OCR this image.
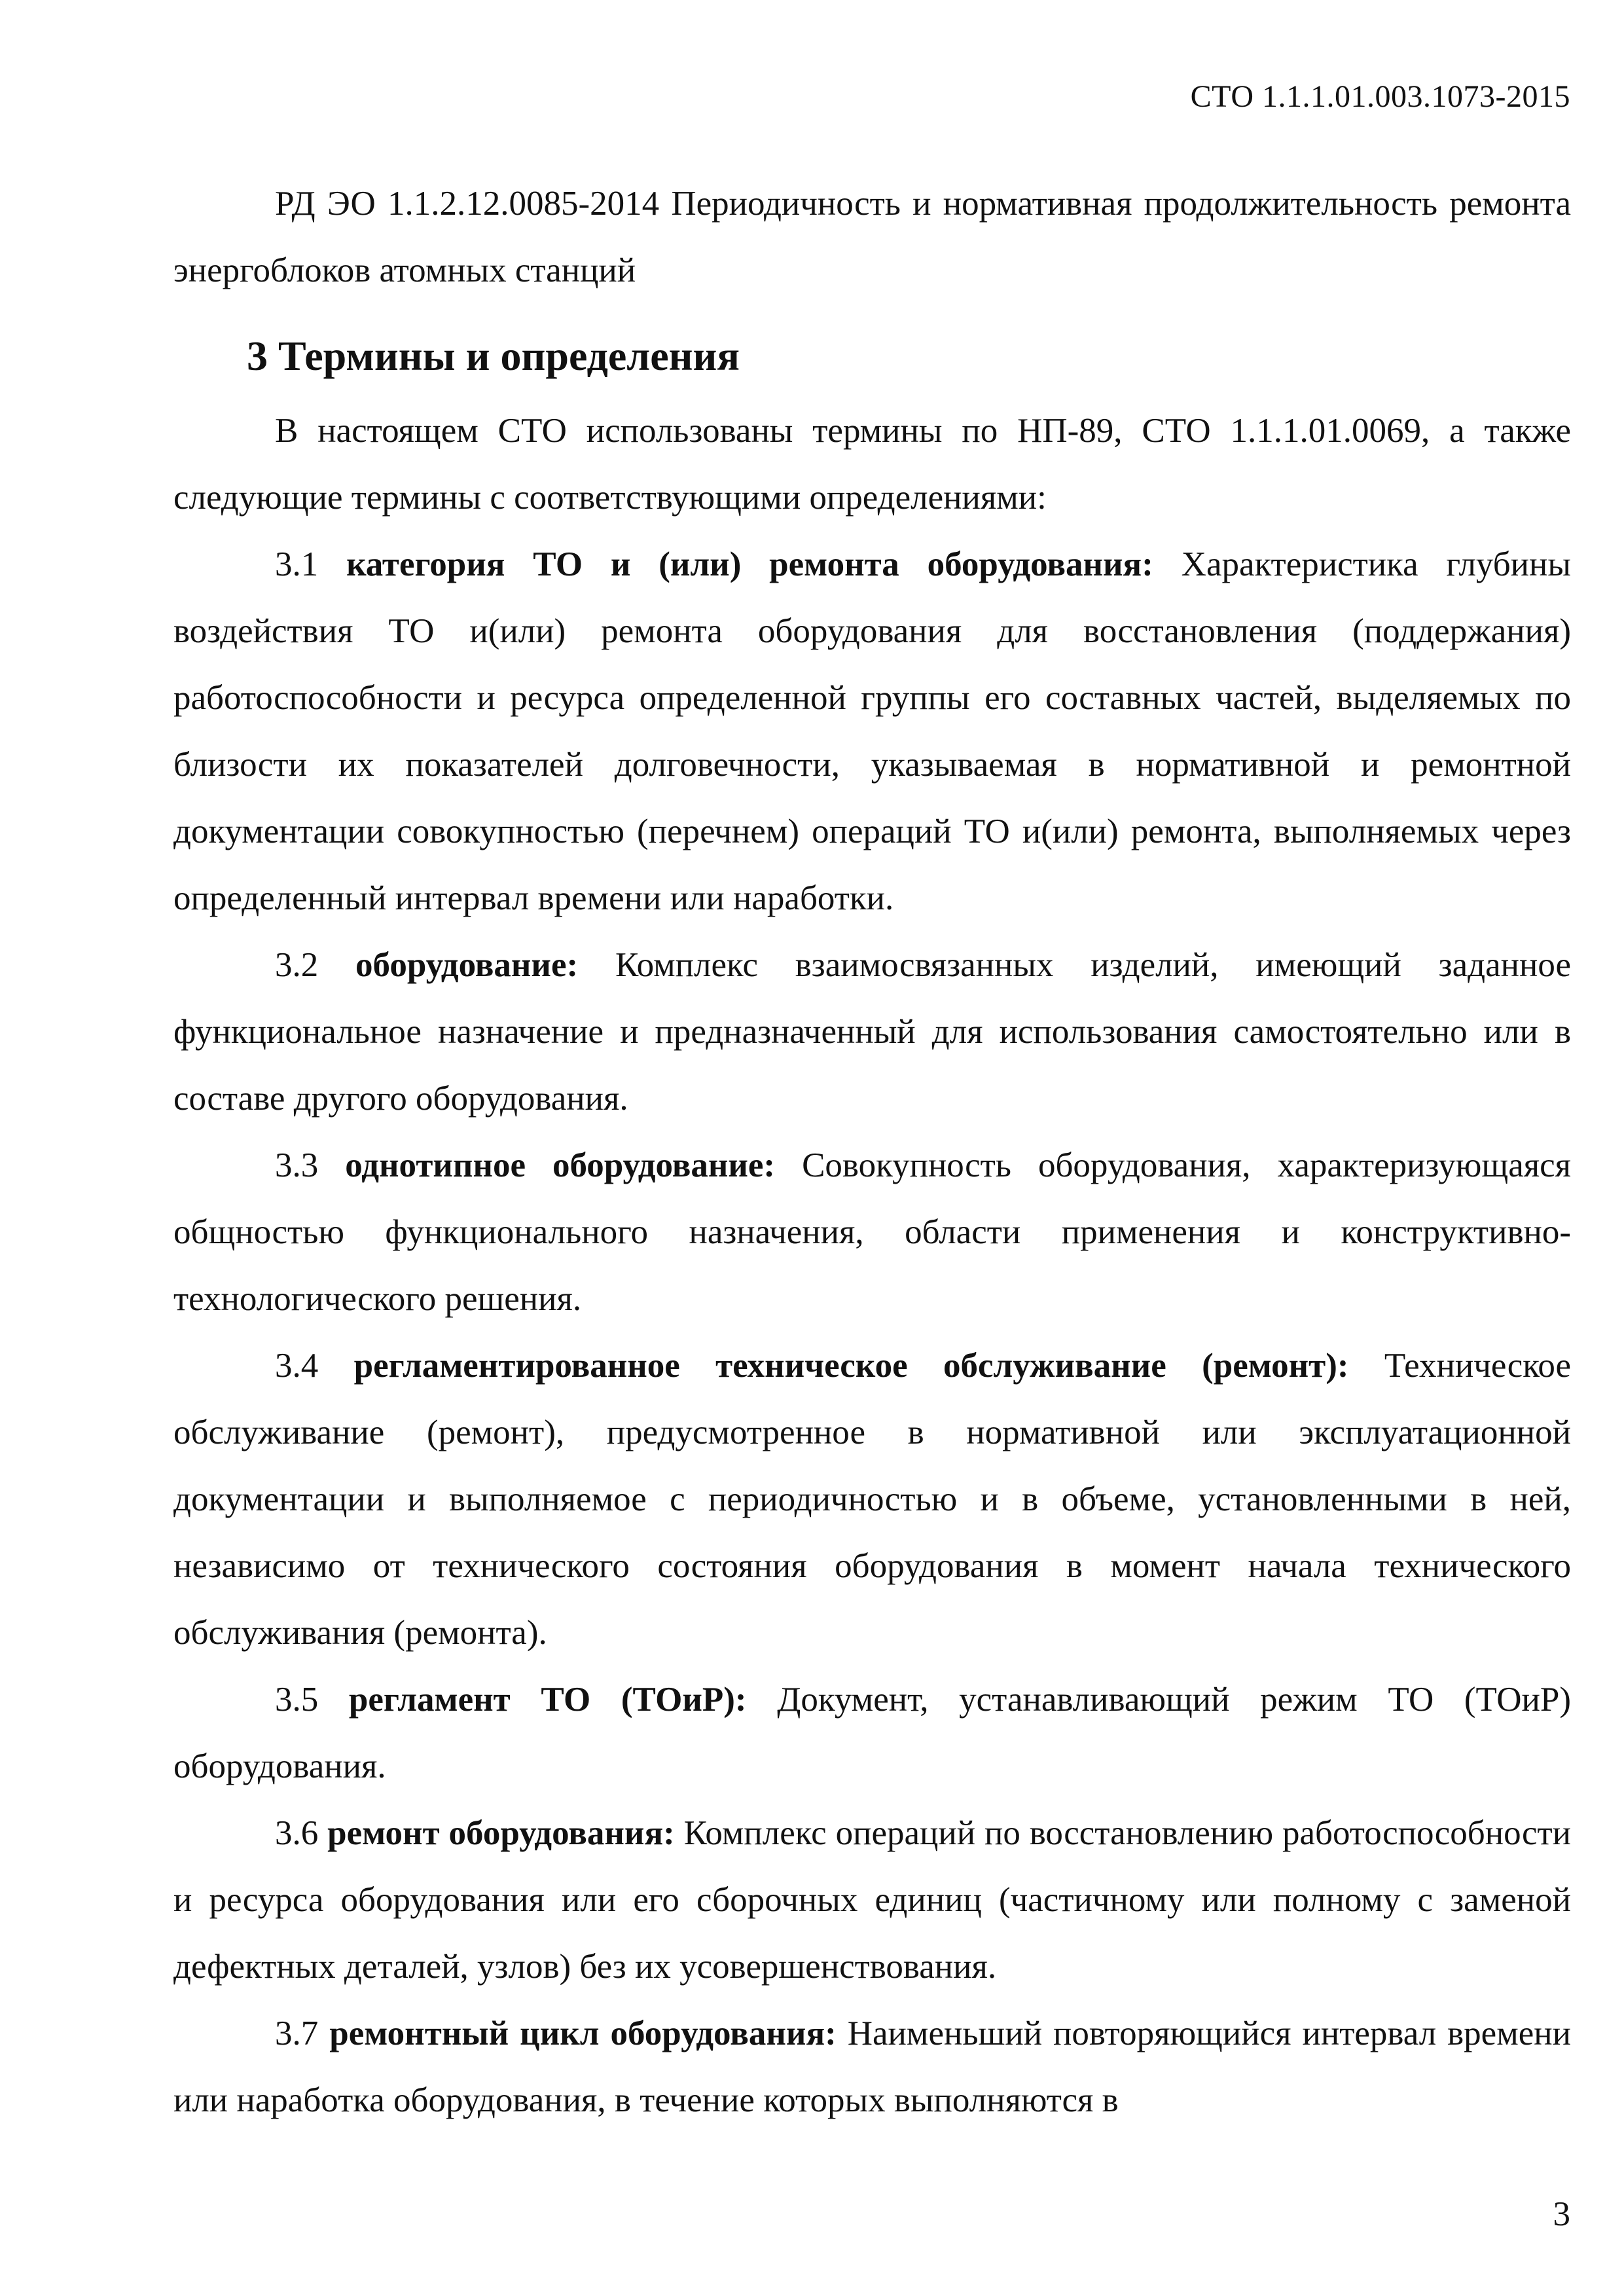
СТО 1.1.1.01.003.1073-2015

РД ЭО 1.1.2.12.0085-2014 Периодичность и нормативная продолжительность ремонта энергоблоков атомных станций

3 Термины и определения

В настоящем СТО использованы термины по НП-89, СТО 1.1.1.01.0069, а также следующие термины с соответствующими определениями:

3.1 категория ТО и (или) ремонта оборудования: Характеристика глубины воздействия ТО и(или) ремонта оборудования для восстановления (поддержания) работоспособности и ресурса определенной группы его составных частей, выделяемых по близости их показателей долговечности, указываемая в нормативной и ремонтной документации совокупностью (перечнем) операций ТО и(или) ремонта, выполняемых через определенный интервал времени или наработки.

3.2 оборудование: Комплекс взаимосвязанных изделий, имеющий заданное функциональное назначение и предназначенный для использования самостоятельно или в составе другого оборудования.

3.3 однотипное оборудование: Совокупность оборудования, характеризующаяся общностью функционального назначения, области применения и конструктивно-технологического решения.

3.4 регламентированное техническое обслуживание (ремонт): Техническое обслуживание (ремонт), предусмотренное в нормативной или эксплуатационной документации и выполняемое с периодичностью и в объеме, установленными в ней, независимо от технического состояния оборудования в момент начала технического обслуживания (ремонта).

3.5 регламент ТО (ТОиР): Документ, устанавливающий режим ТО (ТОиР) оборудования.

3.6 ремонт оборудования: Комплекс операций по восстановлению работоспособности и ресурса оборудования или его сборочных единиц (частичному или полному с заменой дефектных деталей, узлов) без их усовершенствования.

3.7 ремонтный цикл оборудования: Наименьший повторяющийся интервал времени или наработка оборудования, в течение которых выполняются в

3
